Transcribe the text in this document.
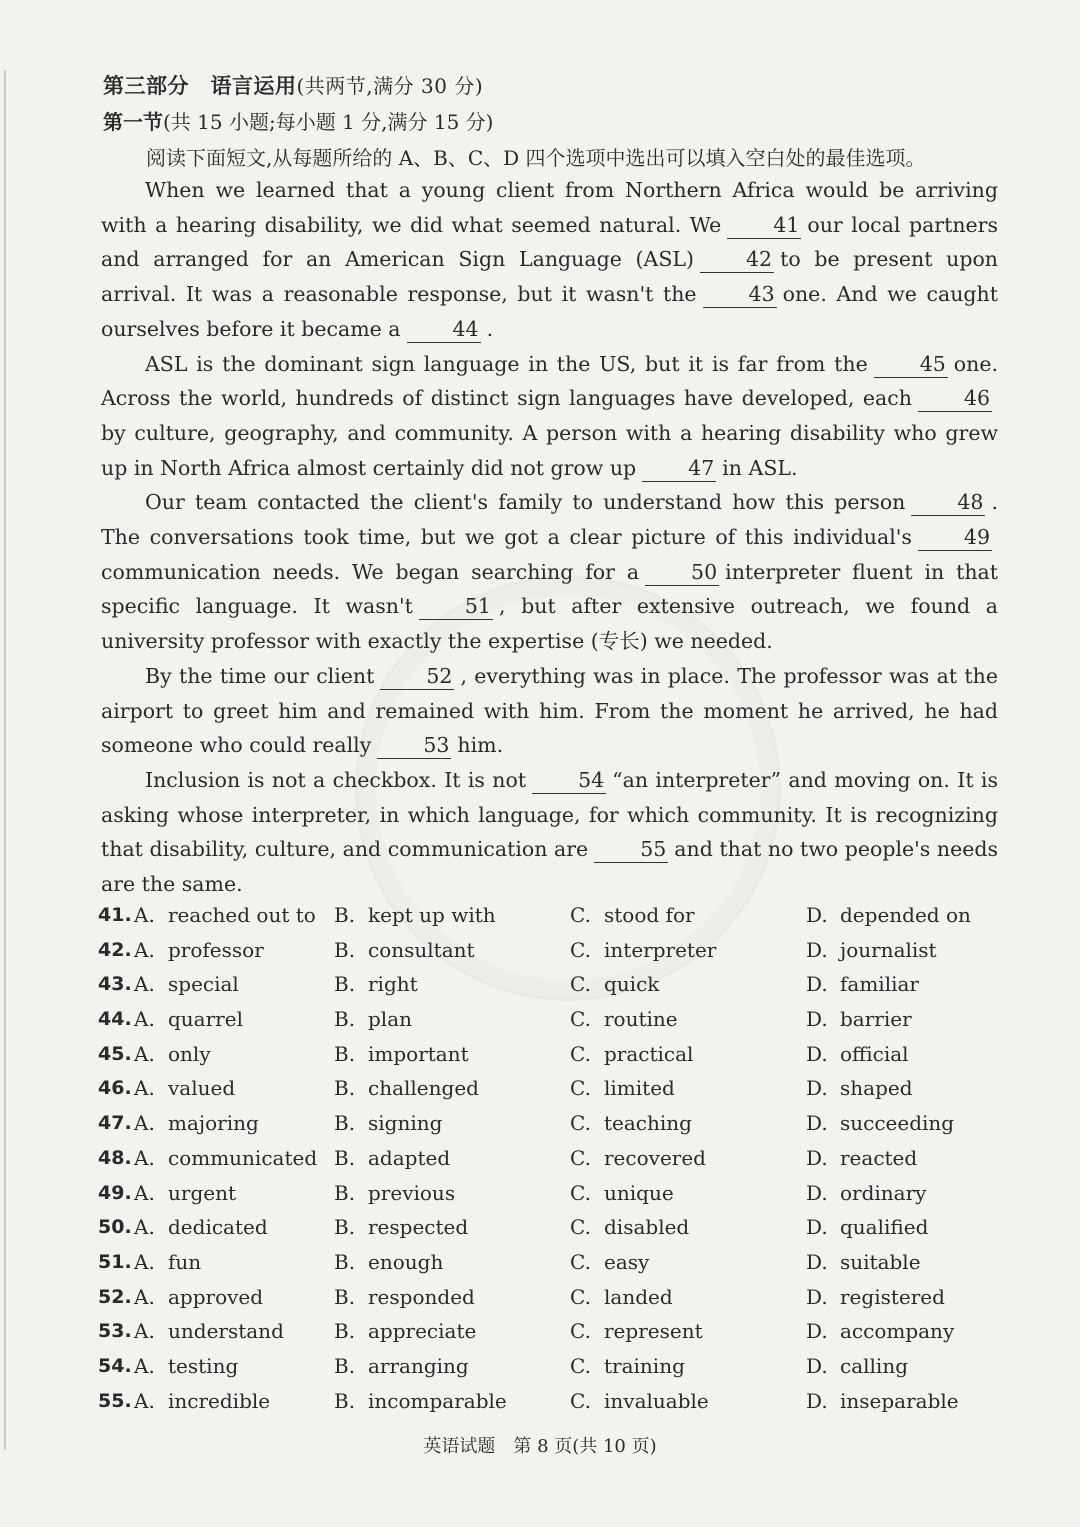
第三部分　语言运用(共两节,满分 30 分)
第一节(共 15 小题;每小题 1 分,满分 15 分)
阅读下面短文,从每题所给的 A、B、C、D 四个选项中选出可以填入空白处的最佳选项。

When we learned that a young client from Northern Africa would be arriving with a hearing disability, we did what seemed natural. We	41 our local partners and arranged for an American Sign Language (ASL)	42 to be present upon arrival. It was a reasonable response, but it wasn't the	43 one. And we caught ourselves before it became a	44 .

ASL is the dominant sign language in the US, but it is far from the	45 one. Across the world, hundreds of distinct sign languages have developed, each	46by culture, geography, and community. A person with a hearing disability who grew up in North Africa almost certainly did not grow up	47 in ASL.

Our team contacted the client's family to understand how this person	48 . The conversations took time, but we got a clear picture of this individual's	49communication needs. We began searching for a	50 interpreter fluent in that specific language. It wasn't	51 , but after extensive outreach, we found a university professor with exactly the expertise (专长) we needed.

By the time our client	52 , everything was in place. The professor was at the airport to greet him and remained with him. From the moment he arrived, he had someone who could really	53 him.

Inclusion is not a checkbox. It is not	54 “an interpreter” and moving on. It is asking whose interpreter, in which language, for which community. It is recognizing that disability, culture, and communication are	55 and that no two people's needs are the same.

41. A. reached out to B. kept up with	C. stood for	D. depended on
42. A. professor	B. consultant	C. interpreter	D. journalist
43. A. special	B. right	C. quick	D. familiar
44. A. quarrel	B. plan	C. routine	D. barrier
45. A. only	B. important	C. practical	D. official
46. A. valued	B. challenged	C. limited	D. shaped
47. A. majoring	B. signing	C. teaching	D. succeeding
48. A. communicated B. adapted	C. recovered	D. reacted
49. A. urgent	B. previous	C. unique	D. ordinary
50. A. dedicated	B. respected	C. disabled	D. qualified
51. A. fun	B. enough	C. easy	D. suitable
52. A. approved	B. responded	C. landed	D. registered
53. A. understand	B. appreciate	C. represent	D. accompany
54. A. testing	B. arranging	C. training	D. calling
55. A. incredible	B. incomparable	C. invaluable	D. inseparable
英语试题　第 8 页(共 10 页)
